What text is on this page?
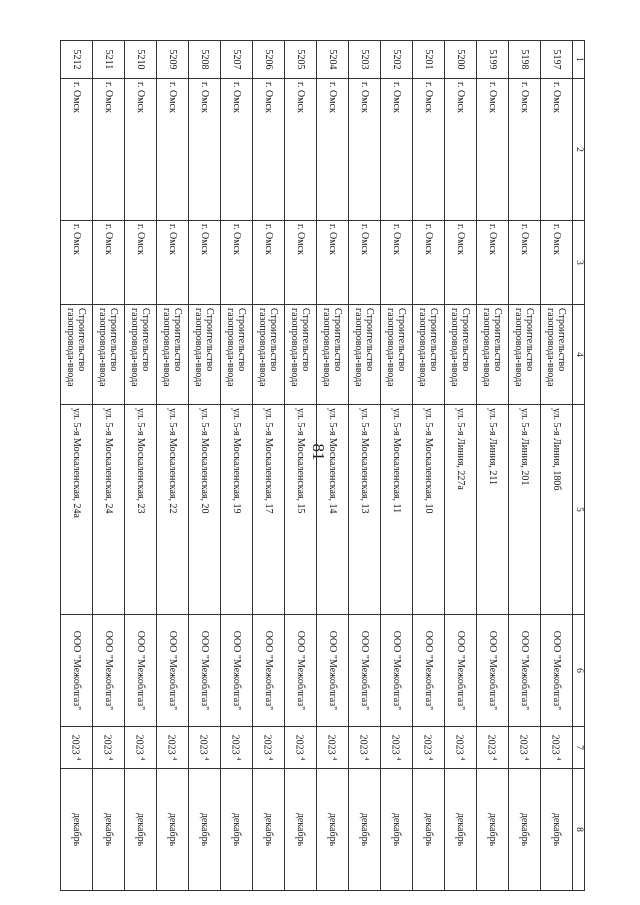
81
1	2	3	4	5	6	7	8
5197	г. Омск	г. Омск	Строительство газопровода-ввода	ул. 5-я Линия, 180б	ООО "Межоблгаз"	2023 $^4$	декабрь
5198	г. Омск	г. Омск	Строительство газопровода-ввода	ул. 5-я Линия, 201	ООО "Межоблгаз"	2023 $^4$	декабрь
5199	г. Омск	г. Омск	Строительство газопровода-ввода	ул. 5-я Линия, 211	ООО "Межоблгаз"	2023 $^4$	декабрь
5200	г. Омск	г. Омск	Строительство газопровода-ввода	ул. 5-я Линия, 227а	ООО "Межоблгаз"	2023 $^4$	декабрь
5201	г. Омск	г. Омск	Строительство газопровода-ввода	ул. 5-я Москаленская, 10	ООО "Межоблгаз"	2023 $^4$	декабрь
5202	г. Омск	г. Омск	Строительство газопровода-ввода	ул. 5-я Москаленская, 11	ООО "Межоблгаз"	2023 $^4$	декабрь
5203	г. Омск	г. Омск	Строительство газопровода-ввода	ул. 5-я Москаленская, 13	ООО "Межоблгаз"	2023 $^4$	декабрь
5204	г. Омск	г. Омск	Строительство газопровода-ввода	ул. 5-я Москаленская, 14	ООО "Межоблгаз"	2023 $^4$	декабрь
5205	г. Омск	г. Омск	Строительство газопровода-ввода	ул. 5-я Москаленская, 15	ООО "Межоблгаз"	2023 $^4$	декабрь
5206	г. Омск	г. Омск	Строительство газопровода-ввода	ул. 5-я Москаленская, 17	ООО "Межоблгаз"	2023 $^4$	декабрь
5207	г. Омск	г. Омск	Строительство газопровода-ввода	ул. 5-я Москаленская, 19	ООО "Межоблгаз"	2023 $^4$	декабрь
5208	г. Омск	г. Омск	Строительство газопровода-ввода	ул. 5-я Москаленская, 20	ООО "Межоблгаз"	2023 $^4$	декабрь
5209	г. Омск	г. Омск	Строительство газопровода-ввода	ул. 5-я Москаленская, 22	ООО "Межоблгаз"	2023 $^4$	декабрь
5210	г. Омск	г. Омск	Строительство газопровода-ввода	ул. 5-я Москаленская, 23	ООО "Межоблгаз"	2023 $^4$	декабрь
5211	г. Омск	г. Омск	Строительство газопровода-ввода	ул. 5-я Москаленская, 24	ООО "Межоблгаз"	2023 $^4$	декабрь
5212	г. Омск	г. Омск	Строительство газопровода-ввода	ул. 5-я Москаленская, 24а	ООО "Межоблгаз"	2023 $^4$	декабрь
